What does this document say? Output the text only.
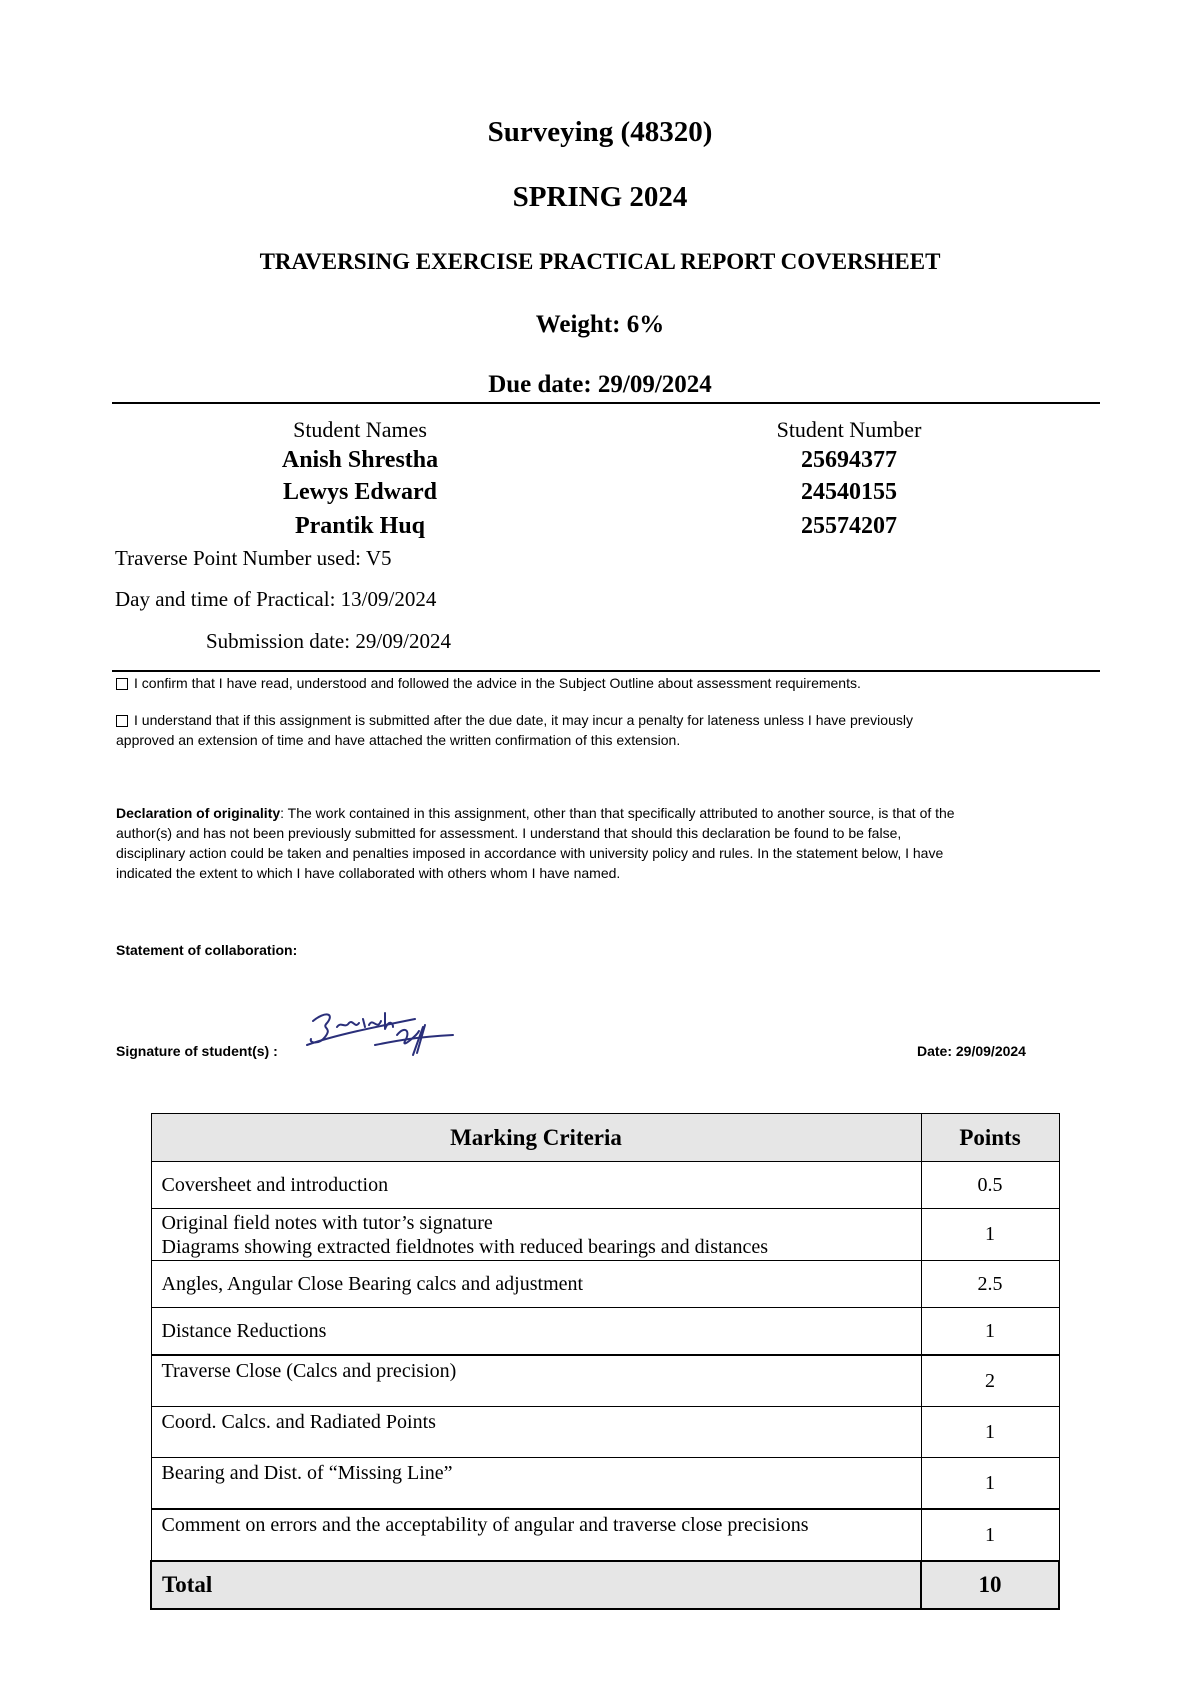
Surveying (48320)
SPRING 2024
TRAVERSING EXERCISE PRACTICAL REPORT COVERSHEET
Weight: 6%
Due date: 29/09/2024
Student Names	Student Number
Anish Shrestha	25694377
Lewys Edward	24540155
Prantik Huq	25574207
Traverse Point Number used: V5
Day and time of Practical: 13/09/2024
Submission date: 29/09/2024
I confirm that I have read, understood and followed the advice in the Subject Outline about assessment requirements.
I understand that if this assignment is submitted after the due date, it may incur a penalty for lateness unless I have previously
approved an extension of time and have attached the written confirmation of this extension.
Declaration of originality: The work contained in this assignment, other than that specifically attributed to another source, is that of the
author(s) and has not been previously submitted for assessment. I understand that should this declaration be found to be false,
disciplinary action could be taken and penalties imposed in accordance with university policy and rules. In the statement below, I have
indicated the extent to which I have collaborated with others whom I have named.
Statement of collaboration:
Signature of student(s) :	Date: 29/09/2024
Marking Criteria	Points
Coversheet and introduction	0.5

Original field notes with tutor’s signature
Diagrams showing extracted fieldnotes with reduced bearings and distances	1
Angles, Angular Close Bearing calcs and adjustment	2.5
Distance Reductions	1
Traverse Close (Calcs and precision)	2
Coord. Calcs. and Radiated Points	1
Bearing and Dist. of “Missing Line”	1
Comment on errors and the acceptability of angular and traverse close precisions	1
Total	10
